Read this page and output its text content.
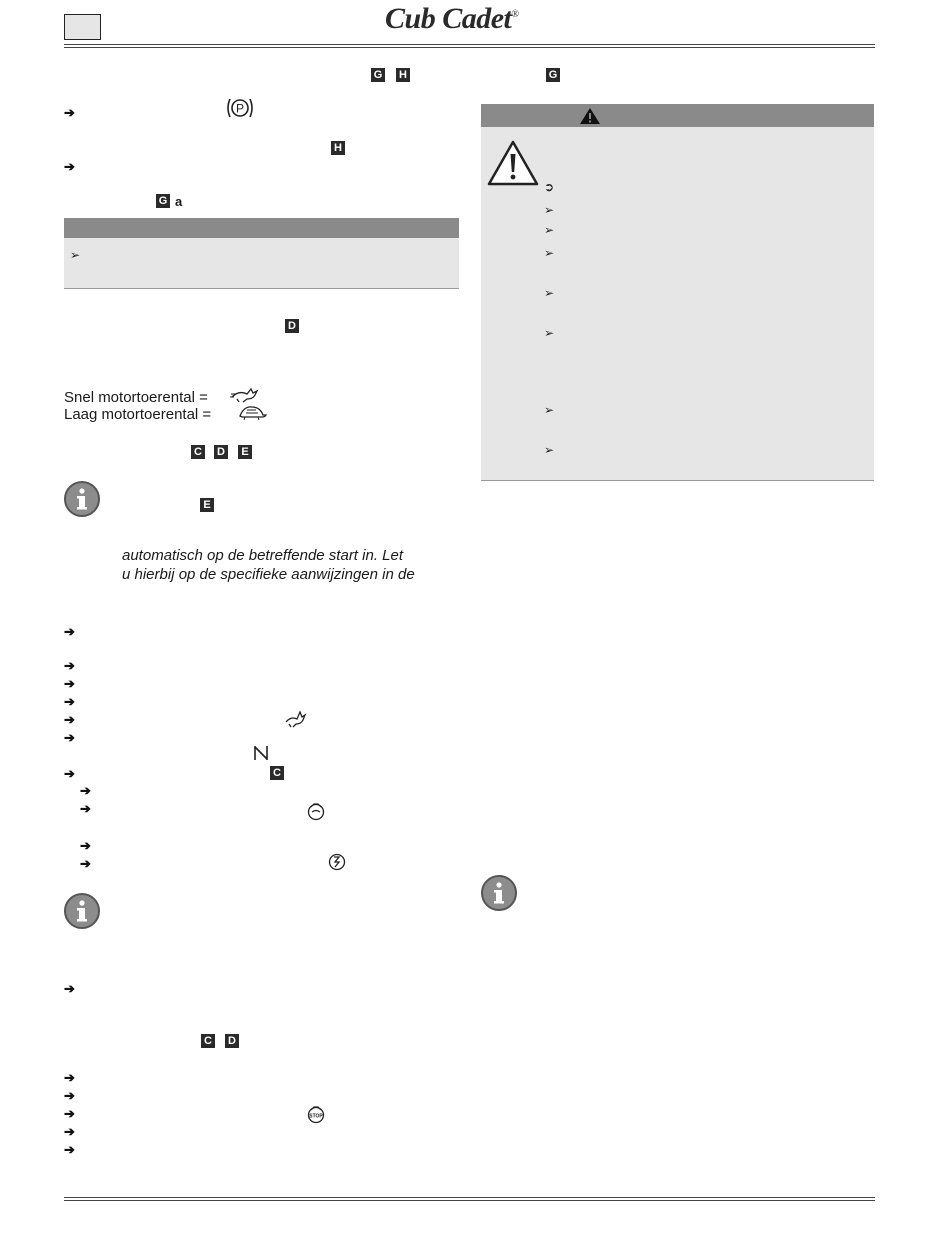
Cub Cadet®
G H
➔	P
H
➔
G a
➢
D
Snel motortoerental =
Laag motortoerental =
C D	E
E
automatisch op de betreffende start in. Let
u hierbij op de specifieke aanwijzingen in de
➔
➔
➔
➔
➔
➔
➔	C
➔
➔
➔
➔
➔
C D
➔
➔
➔	STOP
➔
➔
G
➲
➢
➢
➢
➢
➢
➢
➢
